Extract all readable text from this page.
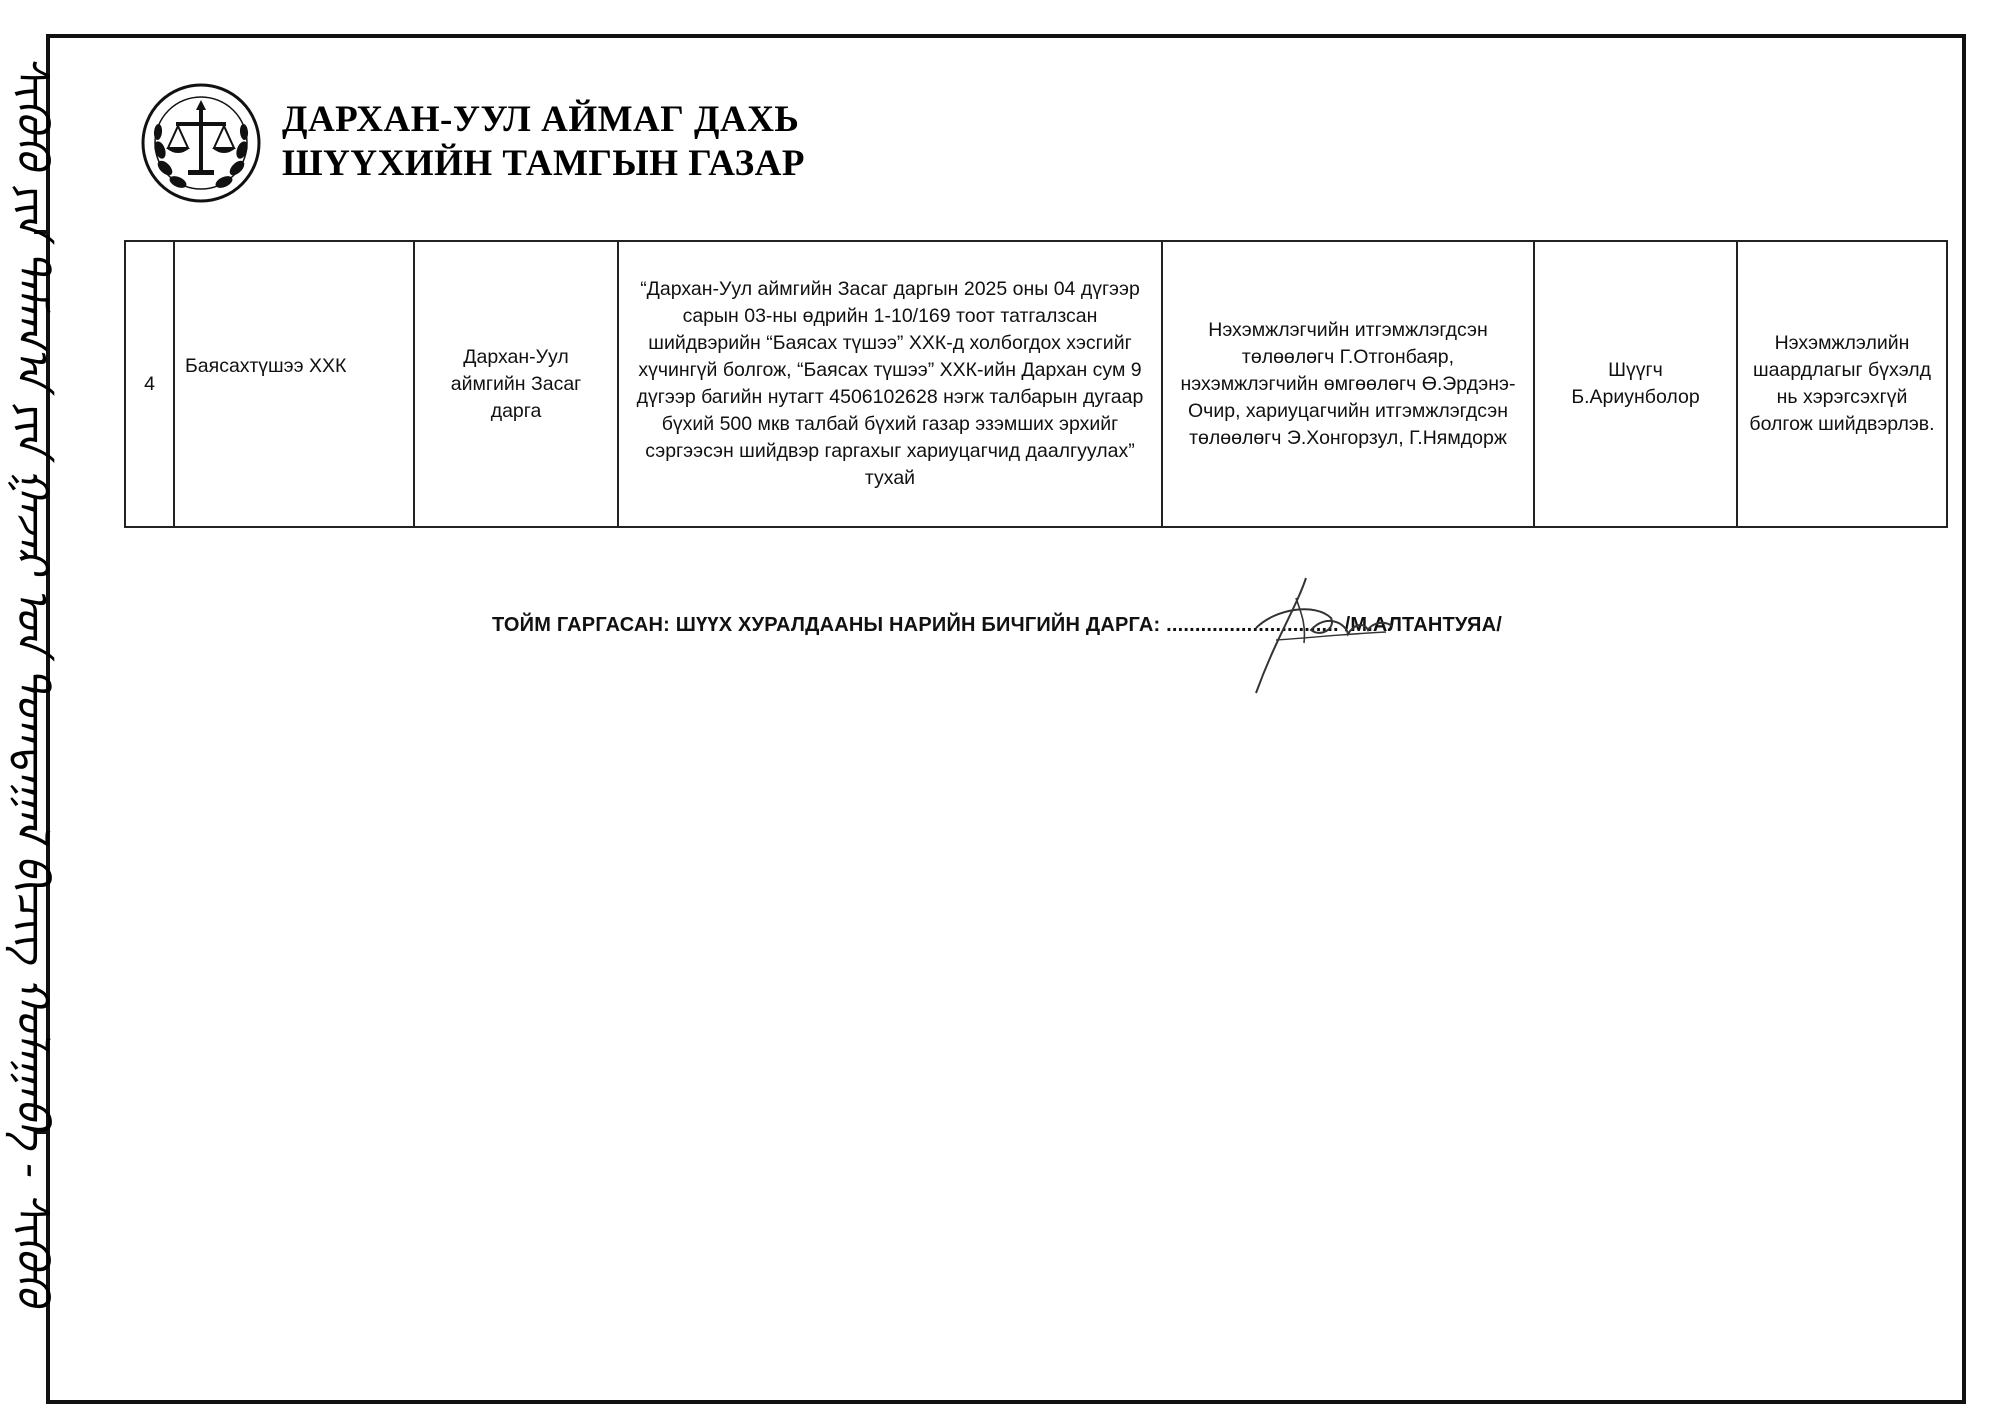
ᠰᠢᠭᠦᠬᠦ ᠶᠢᠨ ᠲᠠᠮᠠᠭ᠎ᠠ ᠶᠢᠨ ᠭᠠᠵᠠᠷ ᠤᠨ ᠲᠣᠭᠲᠠᠭᠠᠯ ᠪᠢᠴᠢᠭ ᠬᠤᠯᠠᠭᠠᠪᠠ - ᠰᠢᠭᠦᠬᠦ	ДАРХАН-УУЛ АЙМАГ ДАХЬ
ШҮҮХИЙН ТАМГЫН ГАЗАР
4	Баясахтүшээ ХХК	Дархан-Уул аймгийн Засаг дарга	“Дархан-Уул аймгийн Засаг даргын 2025 оны 04 дүгээр сарын 03-ны өдрийн 1-10/169 тоот татгалзсан шийдвэрийн “Баясах түшээ” ХХК-д холбогдох хэсгийг хүчингүй болгож, “Баясах түшээ” ХХК-ийн Дархан сум 9 дүгээр багийн нутагт 4506102628 нэгж талбарын дугаар бүхий 500 мкв талбай бүхий газар эзэмших эрхийг сэргээсэн шийдвэр гаргахыг хариуцагчид даалгуулах” тухай	Нэхэмжлэгчийн итгэмжлэгдсэн төлөөлөгч Г.Отгонбаяр, нэхэмжлэгчийн өмгөөлөгч Ө.Эрдэнэ-Очир, хариуцагчийн итгэмжлэгдсэн төлөөлөгч Э.Хонгорзул, Г.Нямдорж	Шүүгч Б.Ариунболор	Нэхэмжлэлийн шаардлагыг бүхэлд нь хэрэгсэхгүй болгож шийдвэрлэв.
ТОЙМ ГАРГАСАН: ШҮҮХ ХУРАЛДААНЫ НАРИЙН БИЧГИЙН ДАРГА: .............................. /М.АЛТАНТУЯА/
